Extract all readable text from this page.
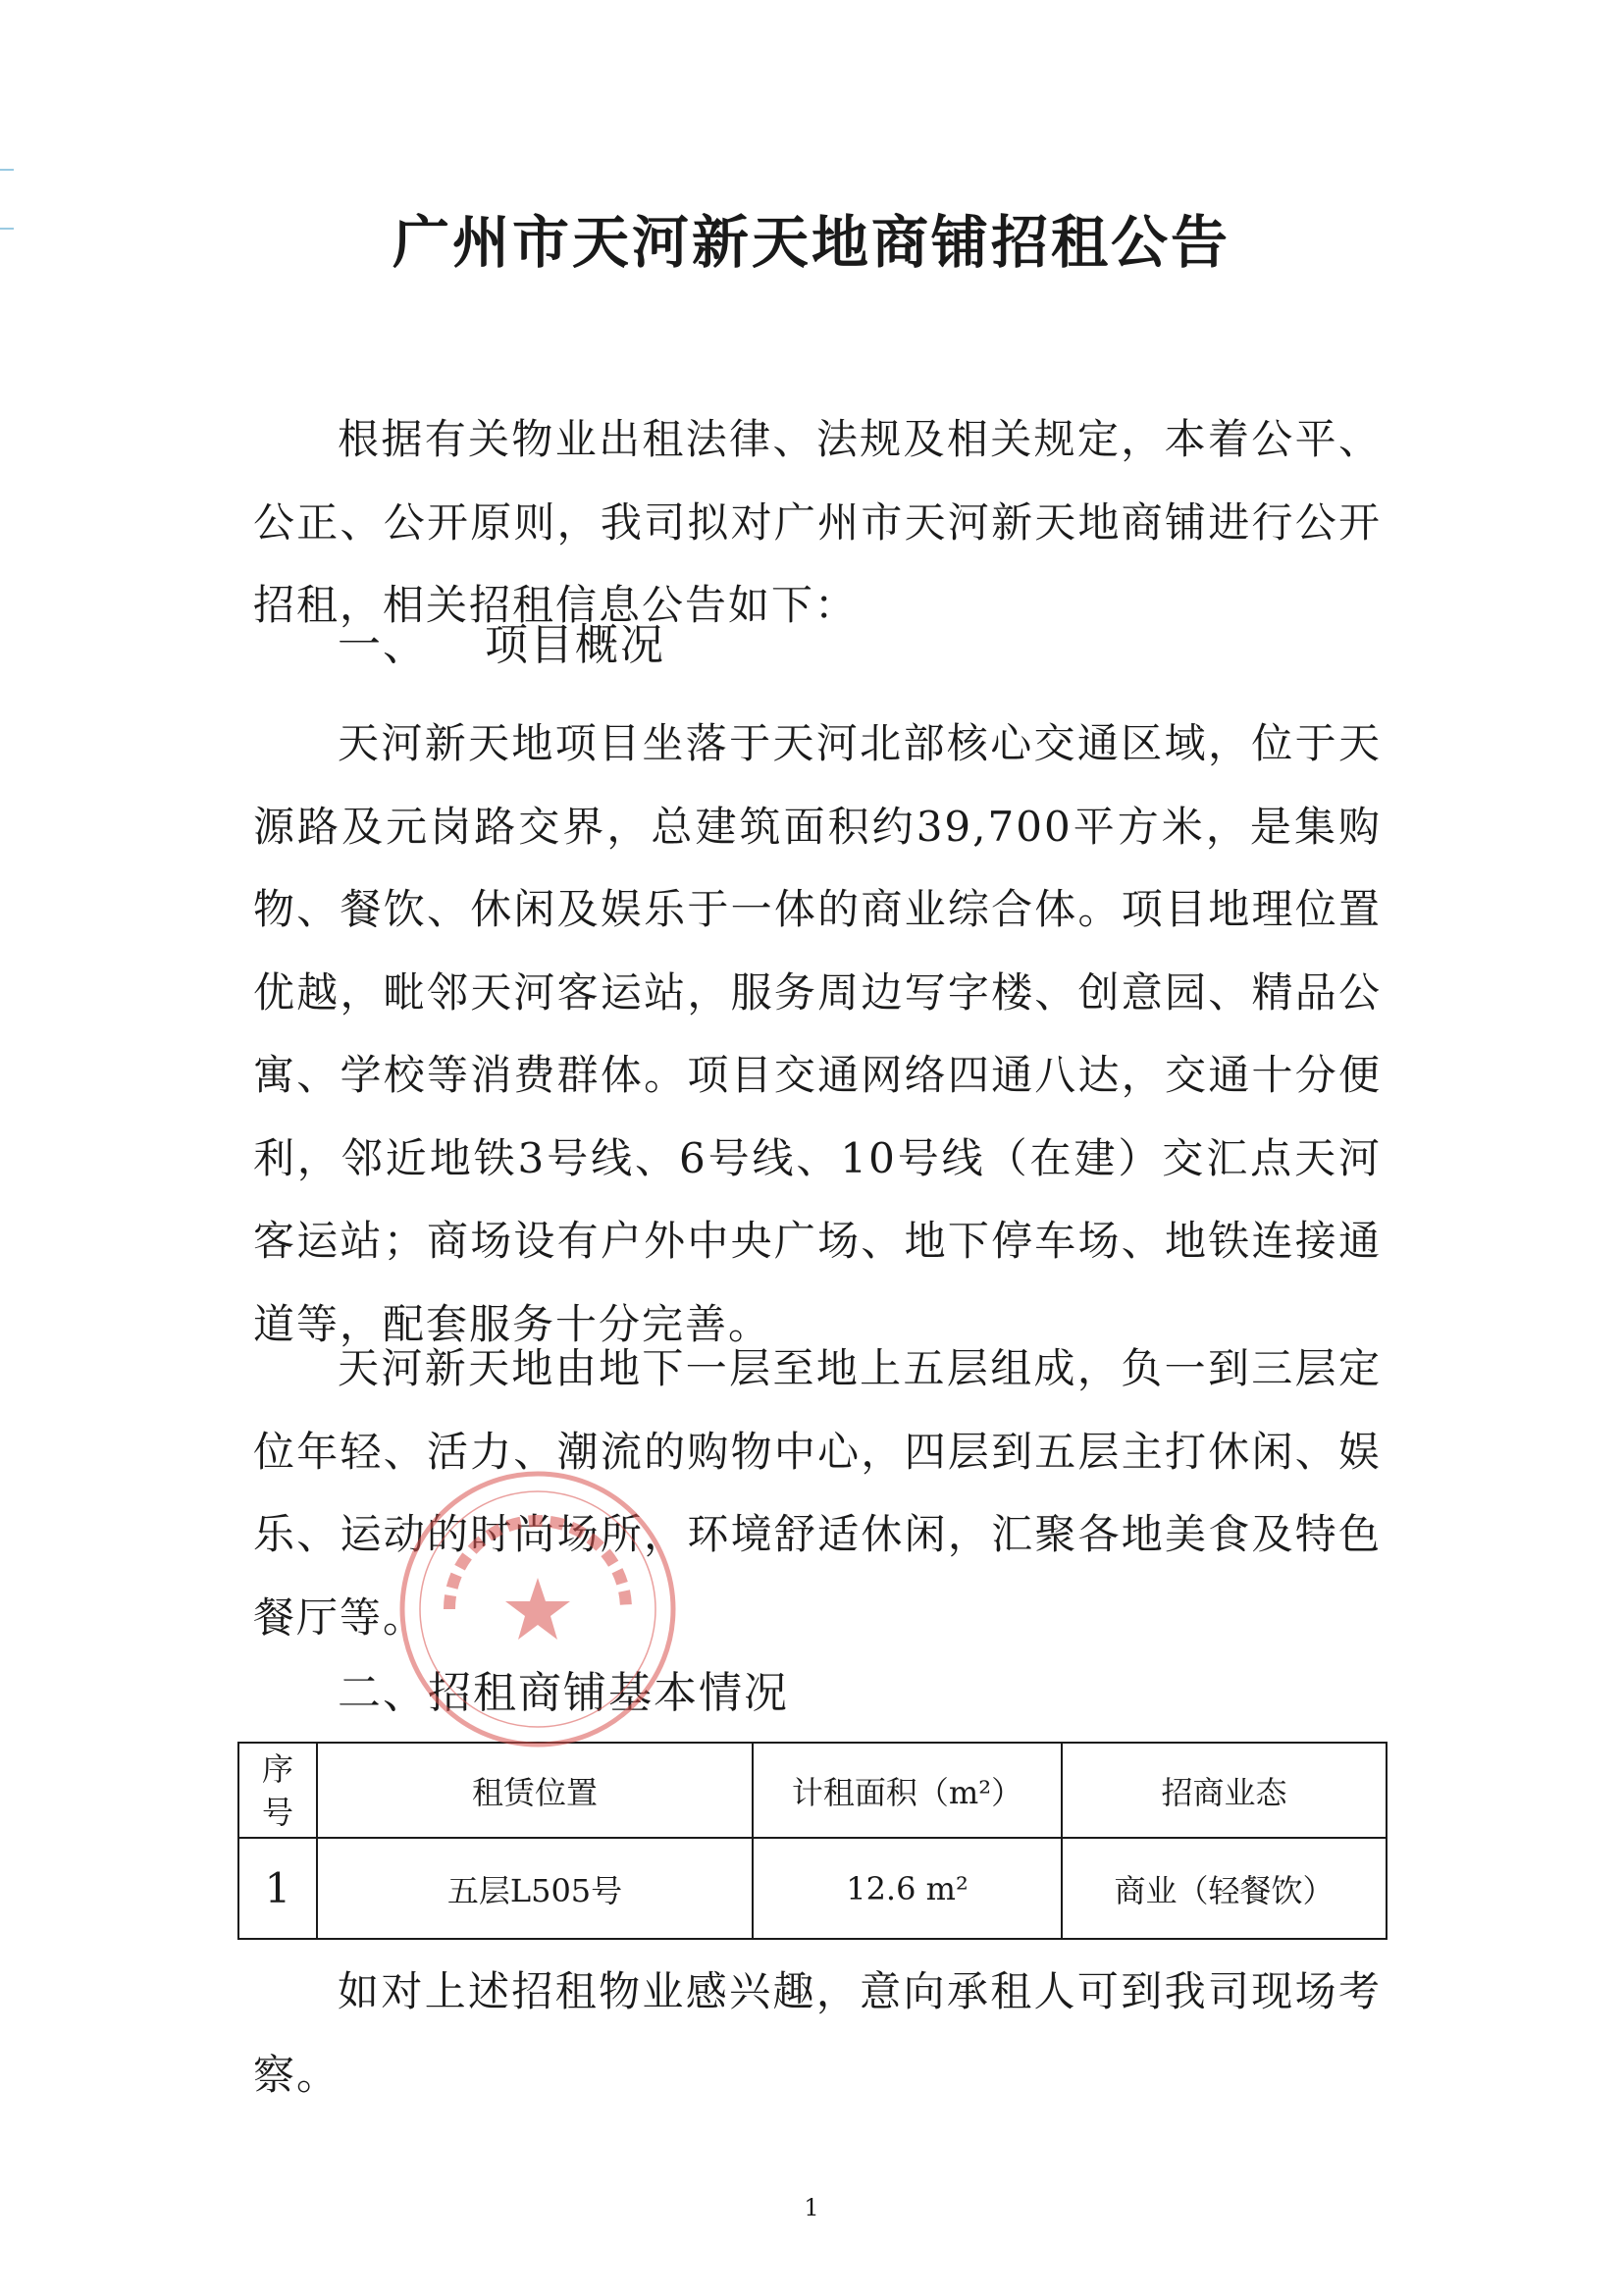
广州市天河新天地商铺招租公告

根据有关物业出租法律、法规及相关规定，本着公平、公正、公开原则，我司拟对广州市天河新天地商铺进行公开招租，相关招租信息公告如下：

一、 项目概况

天河新天地项目坐落于天河北部核心交通区域，位于天源路及元岗路交界，总建筑面积约39,700平方米，是集购物、餐饮、休闲及娱乐于一体的商业综合体。项目地理位置优越，毗邻天河客运站，服务周边写字楼、创意园、精品公寓、学校等消费群体。项目交通网络四通八达，交通十分便利，邻近地铁3号线、6号线、10号线（在建）交汇点天河客运站；商场设有户外中央广场、地下停车场、地铁连接通道等，配套服务十分完善。

天河新天地由地下一层至地上五层组成，负一到三层定位年轻、活力、潮流的购物中心，四层到五层主打休闲、娱乐、运动的时尚场所，环境舒适休闲，汇聚各地美食及特色餐厅等。

二、招租商铺基本情况
序号	租赁位置	计租面积（m²）	招商业态
1	五层L505号	12.6 m²	商业（轻餐饮）

如对上述招租物业感兴趣，意向承租人可到我司现场考察。

1
